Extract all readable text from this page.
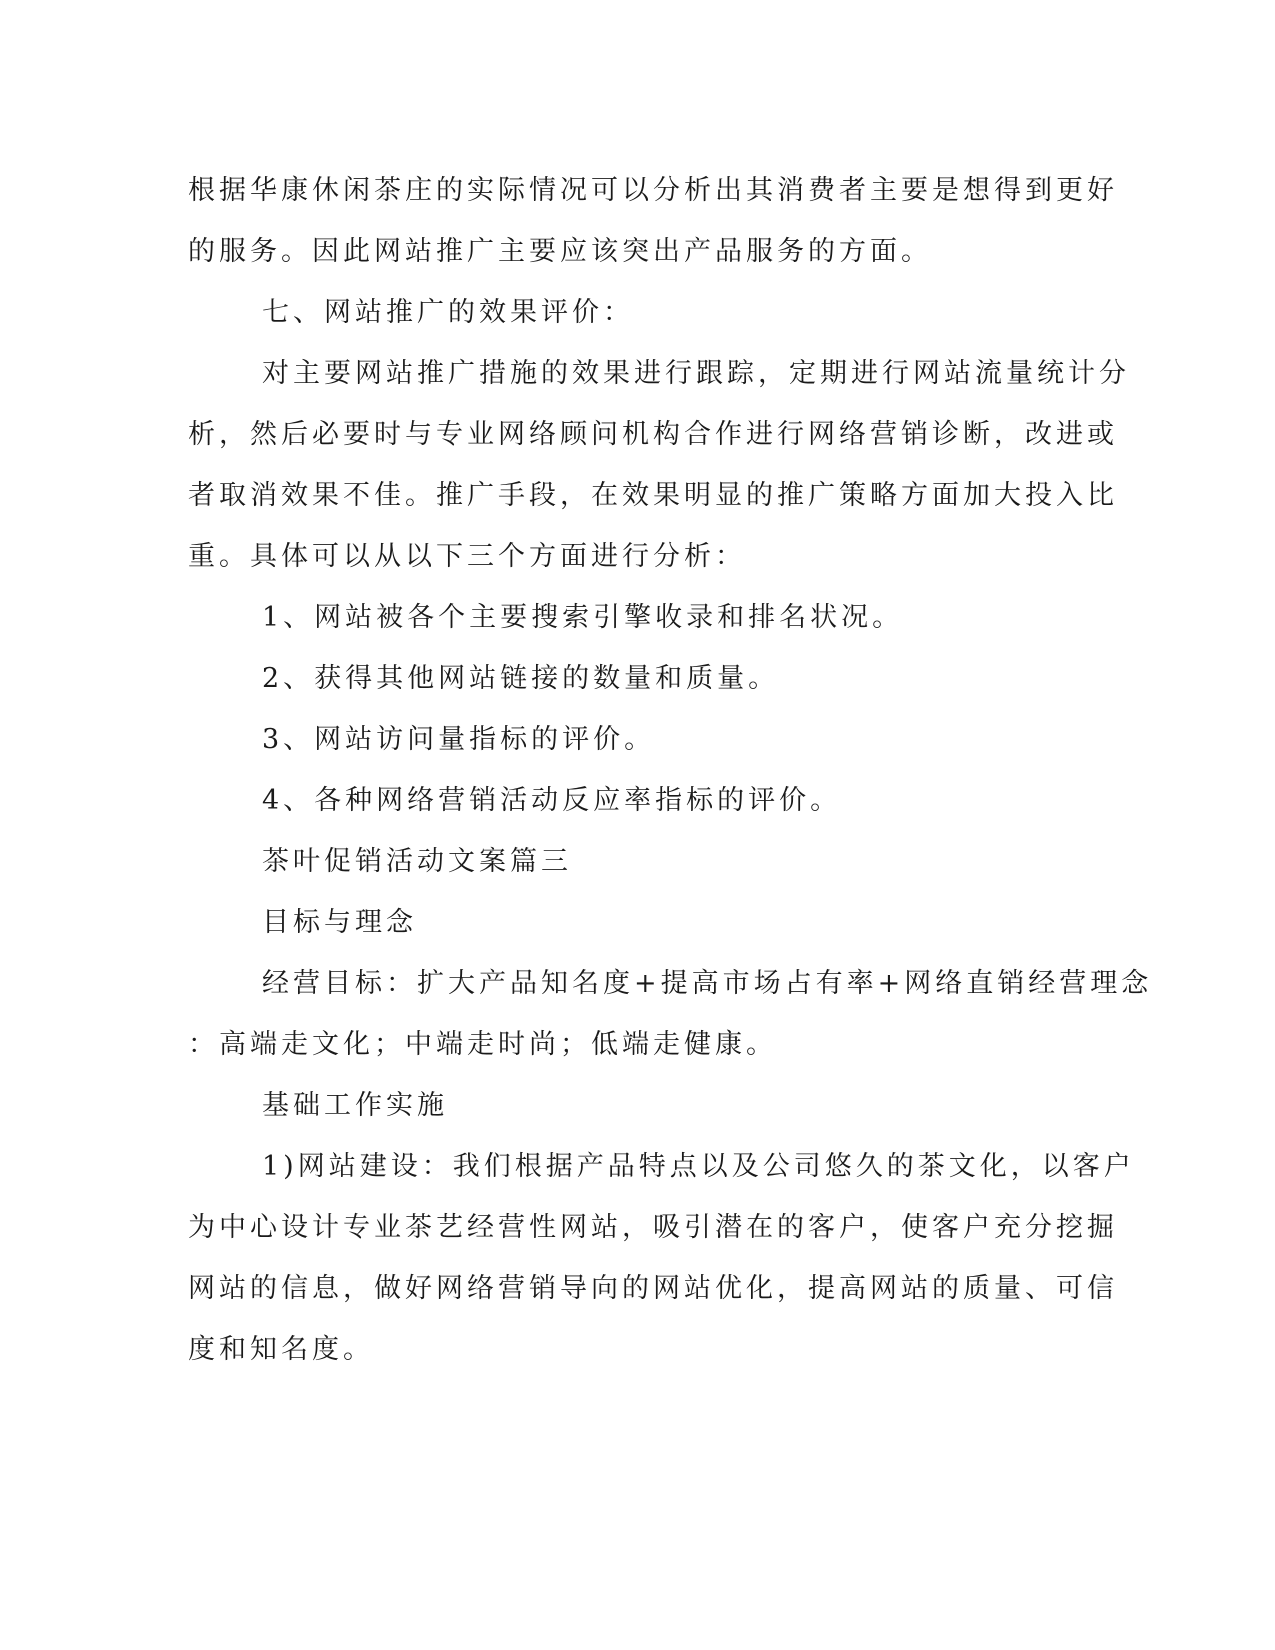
根据华康休闲茶庄的实际情况可以分析出其消费者主要是想得到更好

的服务。因此网站推广主要应该突出产品服务的方面。

七、网站推广的效果评价：

对主要网站推广措施的效果进行跟踪，定期进行网站流量统计分

析，然后必要时与专业网络顾问机构合作进行网络营销诊断，改进或

者取消效果不佳。推广手段，在效果明显的推广策略方面加大投入比

重。具体可以从以下三个方面进行分析：

1、网站被各个主要搜索引擎收录和排名状况。

2、获得其他网站链接的数量和质量。

3、网站访问量指标的评价。

4、各种网络营销活动反应率指标的评价。

茶叶促销活动文案篇三

目标与理念

经营目标：扩大产品知名度+提高市场占有率+网络直销经营理念

：高端走文化；中端走时尚；低端走健康。

基础工作实施

1)网站建设：我们根据产品特点以及公司悠久的茶文化，以客户

为中心设计专业茶艺经营性网站，吸引潜在的客户，使客户充分挖掘

网站的信息，做好网络营销导向的网站优化，提高网站的质量、可信

度和知名度。
